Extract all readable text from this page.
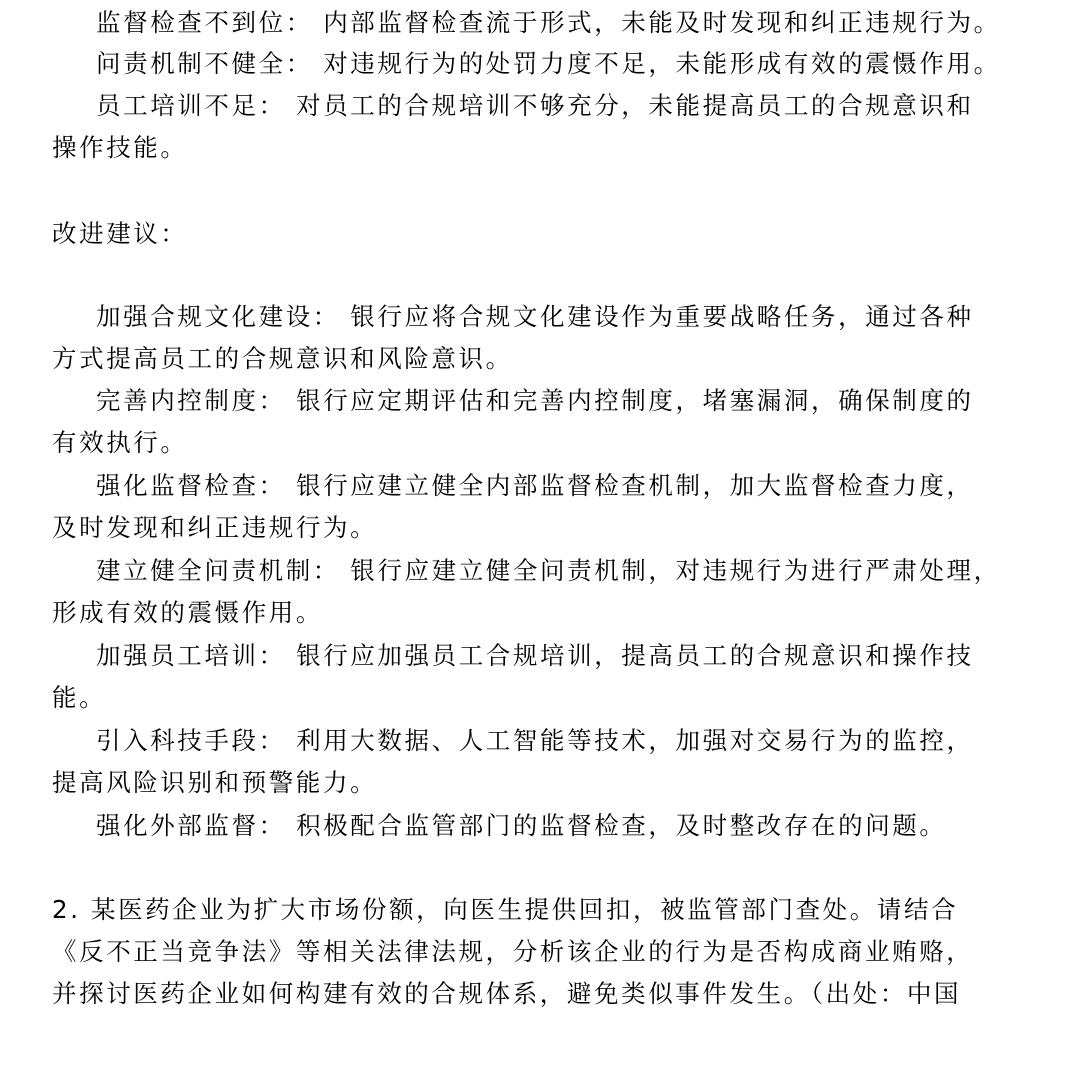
监督检查不到位： 内部监督检查流于形式，未能及时发现和纠正违规行为。
问责机制不健全： 对违规行为的处罚力度不足，未能形成有效的震慑作用。
员工培训不足： 对员工的合规培训不够充分，未能提高员工的合规意识和
操作技能。
改进建议：
加强合规文化建设： 银行应将合规文化建设作为重要战略任务，通过各种
方式提高员工的合规意识和风险意识。
完善内控制度： 银行应定期评估和完善内控制度，堵塞漏洞，确保制度的
有效执行。
强化监督检查： 银行应建立健全内部监督检查机制，加大监督检查力度，
及时发现和纠正违规行为。
建立健全问责机制： 银行应建立健全问责机制，对违规行为进行严肃处理，
形成有效的震慑作用。
加强员工培训： 银行应加强员工合规培训，提高员工的合规意识和操作技
能。
引入科技手段： 利用大数据、人工智能等技术，加强对交易行为的监控，
提高风险识别和预警能力。
强化外部监督： 积极配合监管部门的监督检查，及时整改存在的问题。
2. 某医药企业为扩大市场份额，向医生提供回扣，被监管部门查处。请结合
《反不正当竞争法》等相关法律法规，分析该企业的行为是否构成商业贿赂，
并探讨医药企业如何构建有效的合规体系，避免类似事件发生。（出处：中国
